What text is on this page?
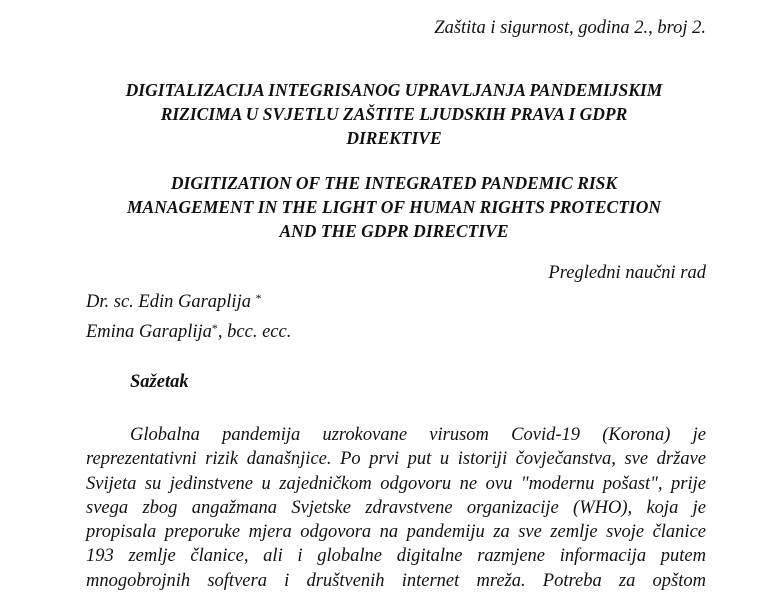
Zaštita i sigurnost, godina 2., broj 2.
DIGITALIZACIJA INTEGRISANOG UPRAVLJANJA PANDEMIJSKIM
RIZICIMA U SVJETLU ZAŠTITE LJUDSKIH PRAVA I GDPR
DIREKTIVE
DIGITIZATION OF THE INTEGRATED PANDEMIC RISK
MANAGEMENT IN THE LIGHT OF HUMAN RIGHTS PROTECTION
AND THE GDPR DIRECTIVE
Pregledni naučni rad
Dr. sc. Edin Garaplija *
Emina Garaplija*, bcc. ecc.
Sažetak
Globalna pandemija uzrokovane virusom Covid-19 (Korona) je
reprezentativni rizik današnjice. Po prvi put u istoriji čovječanstva, sve države
Svijeta su jedinstvene u zajedničkom odgovoru ne ovu "modernu pošast", prije
svega zbog angažmana Svjetske zdravstvene organizacije (WHO), koja je
propisala preporuke mjera odgovora na pandemiju za sve zemlje svoje članice
193 zemlje članice, ali i globalne digitalne razmjene informacija putem
mnogobrojnih softvera i društvenih internet mreža. Potreba za opštom
